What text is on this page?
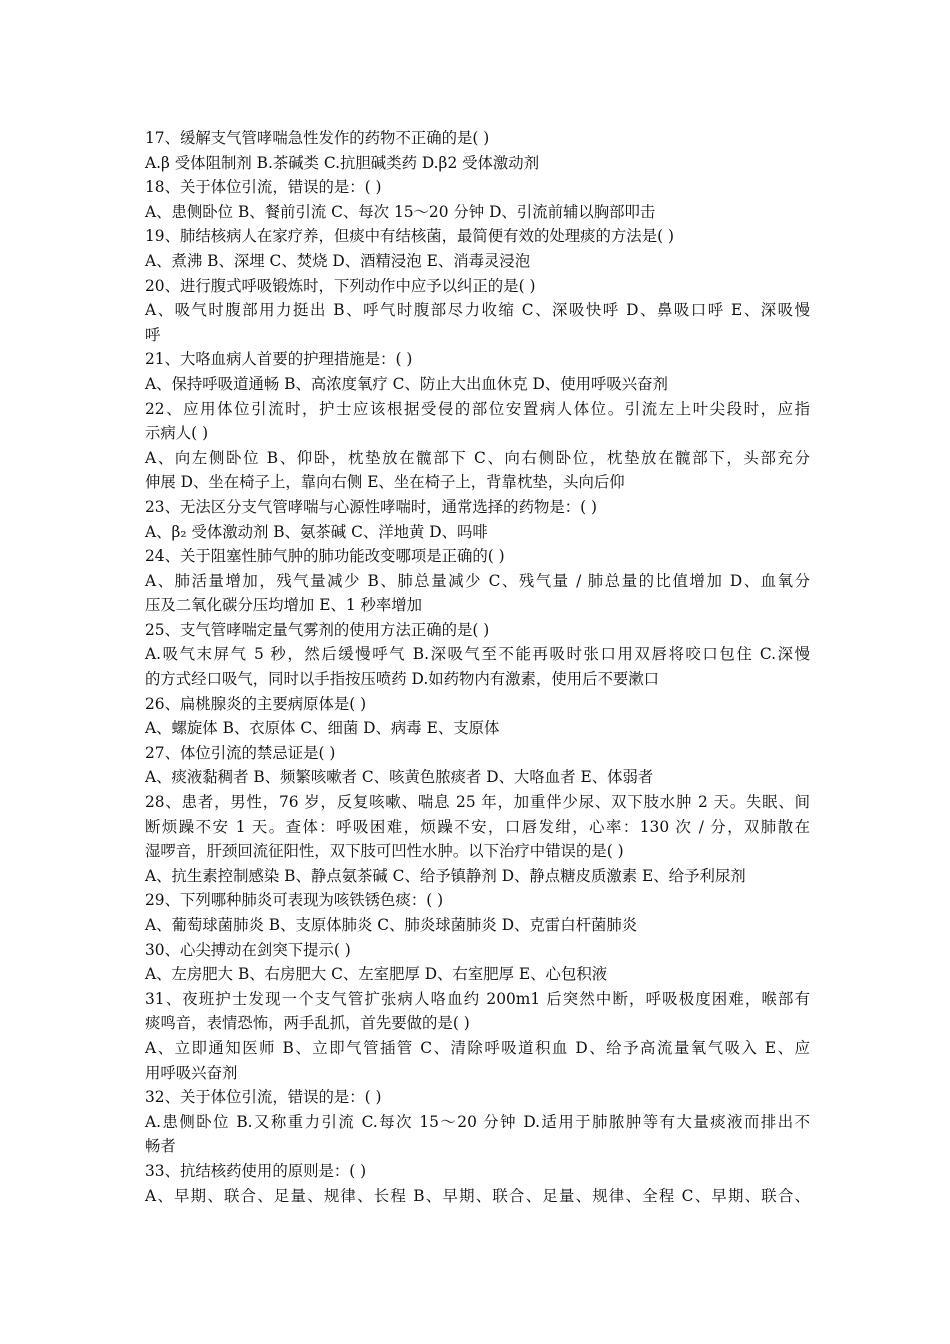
17、缓解支气管哮喘急性发作的药物不正确的是( )
A.β 受体阻制剂 B.茶碱类 C.抗胆碱类药 D.β2 受体激动剂
18、关于体位引流，错误的是：( )
A、患侧卧位 B、餐前引流 C、每次 15～20 分钟 D、引流前辅以胸部叩击
19、肺结核病人在家疗养，但痰中有结核菌，最简便有效的处理痰的方法是( )
A、煮沸 B、深埋 C、焚烧 D、酒精浸泡 E、消毒灵浸泡
20、进行腹式呼吸锻炼时，下列动作中应予以纠正的是( )
A、吸气时腹部用力挺出 B、呼气时腹部尽力收缩 C、深吸快呼 D、鼻吸口呼 E、深吸慢
呼
21、大咯血病人首要的护理措施是：( )
A、保持呼吸道通畅 B、高浓度氧疗 C、防止大出血休克 D、使用呼吸兴奋剂
22、应用体位引流时，护士应该根据受侵的部位安置病人体位。引流左上叶尖段时，应指
示病人( )
A、向左侧卧位 B、仰卧，枕垫放在髋部下 C、向右侧卧位，枕垫放在髋部下，头部充分
伸展 D、坐在椅子上，靠向右侧 E、坐在椅子上，背靠枕垫，头向后仰
23、无法区分支气管哮喘与心源性哮喘时，通常选择的药物是：( )
A、β₂ 受体激动剂 B、氨茶碱 C、洋地黄 D、吗啡
24、关于阻塞性肺气肿的肺功能改变哪项是正确的( )
A、肺活量增加，残气量减少 B、肺总量减少 C、残气量 / 肺总量的比值增加 D、血氧分
压及二氧化碳分压均增加 E、1 秒率增加
25、支气管哮喘定量气雾剂的使用方法正确的是( )
A.吸气末屏气 5 秒，然后缓慢呼气 B.深吸气至不能再吸时张口用双唇将咬口包住 C.深慢
的方式经口吸气，同时以手指按压喷药 D.如药物内有激素，使用后不要漱口
26、扁桃腺炎的主要病原体是( )
A、螺旋体 B、衣原体 C、细菌 D、病毒 E、支原体
27、体位引流的禁忌证是( )
A、痰液黏稠者 B、频繁咳嗽者 C、咳黄色脓痰者 D、大咯血者 E、体弱者
28、患者，男性，76 岁，反复咳嗽、喘息 25 年，加重伴少尿、双下肢水肿 2 天。失眠、间
断烦躁不安 1 天。查体：呼吸困难，烦躁不安，口唇发绀，心率：130 次 / 分，双肺散在
湿啰音，肝颈回流征阳性，双下肢可凹性水肿。以下治疗中错误的是( )
A、抗生素控制感染 B、静点氨茶碱 C、给予镇静剂 D、静点糖皮质激素 E、给予利尿剂
29、下列哪种肺炎可表现为咳铁锈色痰：( )
A、葡萄球菌肺炎 B、支原体肺炎 C、肺炎球菌肺炎 D、克雷白杆菌肺炎
30、心尖搏动在剑突下提示( )
A、左房肥大 B、右房肥大 C、左室肥厚 D、右室肥厚 E、心包积液
31、夜班护士发现一个支气管扩张病人咯血约 200m1 后突然中断，呼吸极度困难，喉部有
痰鸣音，表情恐怖，两手乱抓，首先要做的是( )
A、立即通知医师 B、立即气管插管 C、清除呼吸道积血 D、给予高流量氧气吸入 E、应
用呼吸兴奋剂
32、关于体位引流，错误的是：( )
A.患侧卧位 B.又称重力引流 C.每次 15～20 分钟 D.适用于肺脓肿等有大量痰液而排出不
畅者
33、抗结核药使用的原则是：( )
A、早期、联合、足量、规律、长程 B、早期、联合、足量、规律、全程 C、早期、联合、
